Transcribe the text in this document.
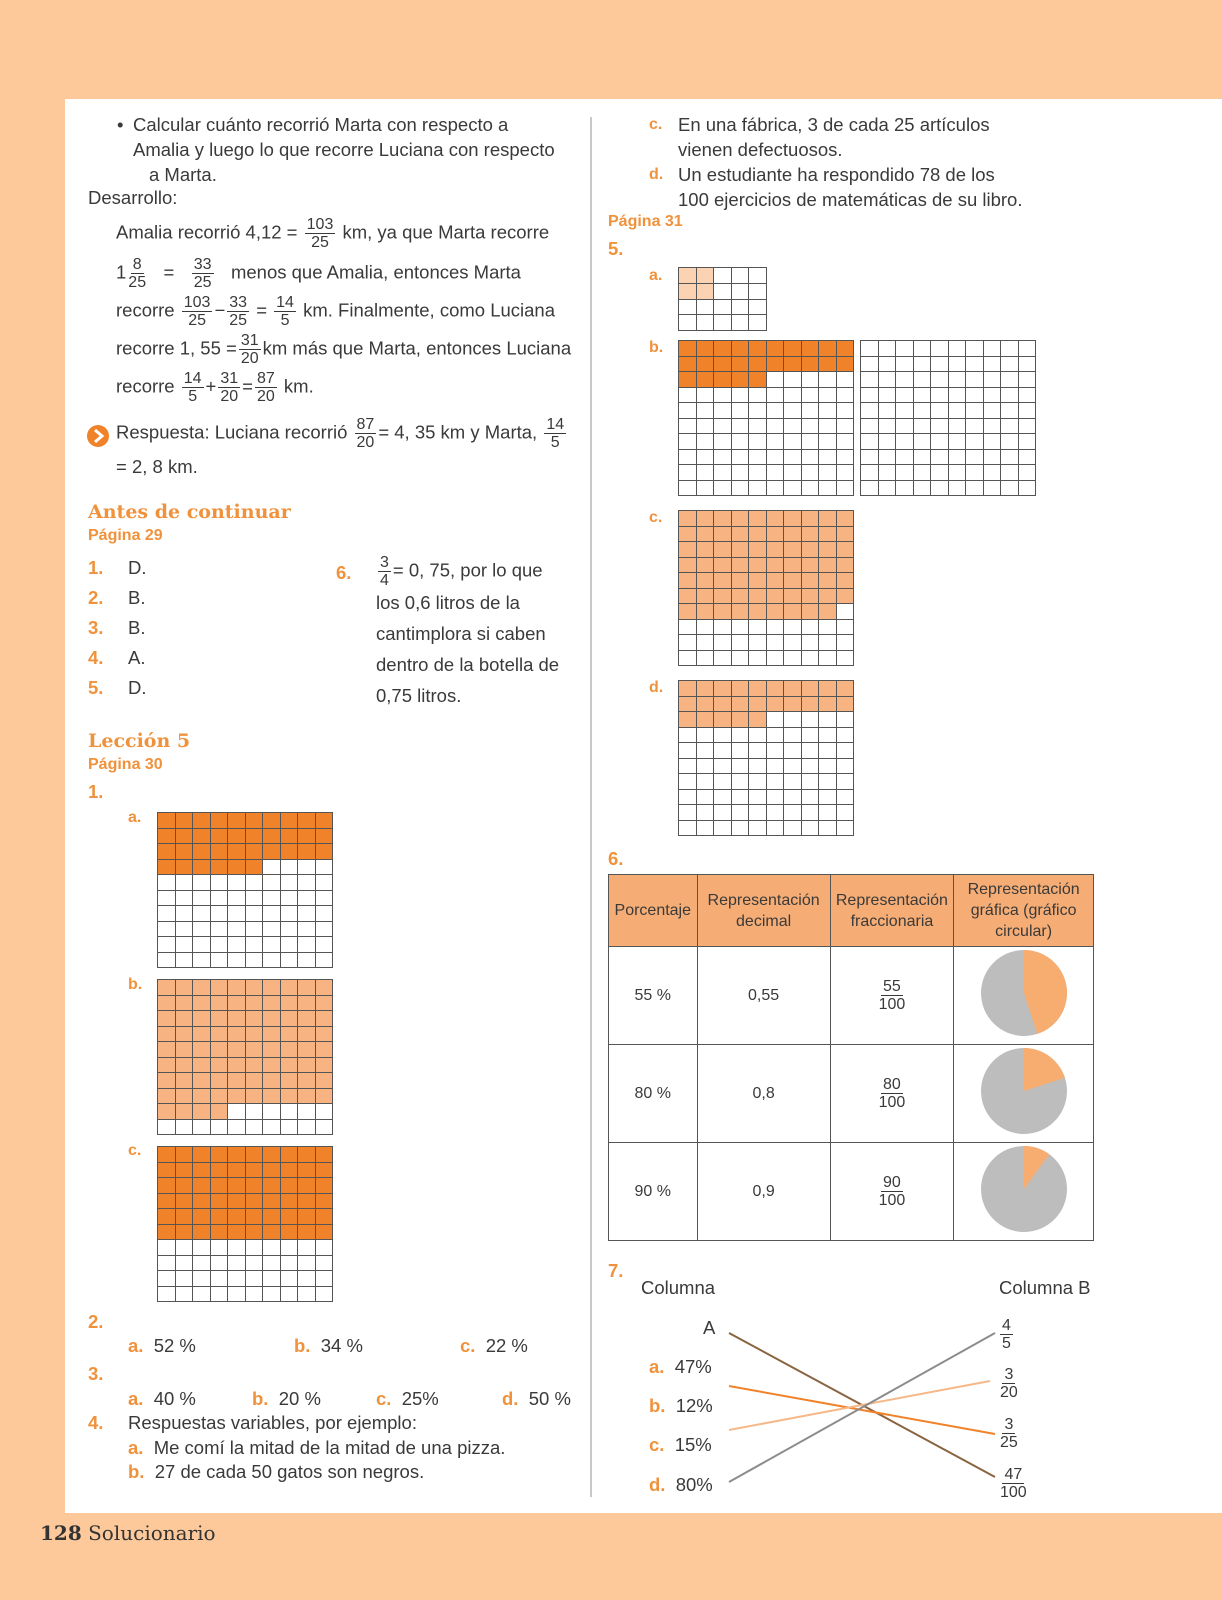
• Calcular cuánto recorrió Marta con respecto a
Amalia y luego lo que recorre Luciana con respecto
a Marta.
Desarrollo:
Amalia recorrió $4,12 = \frac{103}{25}$ km, ya que Marta recorre
$1 \frac{8}{25} = \frac{33}{25}$ menos que Amalia, entonces Marta
recorre $\frac{103}{25} - \frac{33}{25} = \frac{14}{5}$ km. Finalmente, como Luciana
recorre 1, $55 = \frac{31}{20}$ km más que Marta, entonces Luciana
recorre $\frac{14}{5} + \frac{31}{20} = \frac{87}{20}$ km.
Respuesta: Luciana recorrió $\frac{87}{20} = 4$, 35 km y Marta, $\frac{14}{5}$
= 2, 8 km.
Antes de continuar
Página 29
1. D.
2. B.
3. B.
4. A.
5. D.
6. $\frac{3}{4} = 0$, 75, por lo que
los 0,6 litros de la
cantimplora si caben
dentro de la botella de
0,75 litros.
Lección 5
Página 30
1.
a.
b.
c.
2.
a. 52 %	b. 34 %	c. 22 %
3.
a. 40 %	b. 20 %	c. 25%	d. 50 %
4. Respuestas variables, por ejemplo:
a. Me comí la mitad de la mitad de una pizza.
b. 27 de cada 50 gatos son negros.
c. En una fábrica, 3 de cada 25 artículos
vienen defectuosos.
d. Un estudiante ha respondido 78 de los
100 ejercicios de matemáticas de su libro.
Página 31
5.
a.
b.
c.
d.
6.
Porcentaje	Representación decimal	Representación fraccionaria	Representación gráfica (gráfico circular)
55 %	0,55	$\frac{55}{100}$

80 %	0,8	$\frac{80}{100}$

90 %	0,9	$\frac{90}{100}$

7.
Columna
A
Columna B
a. 47%
b. 12%
c. 15%
d. 80%
$\frac{4}{5}$
$\frac{3}{20}$
$\frac{3}{25}$
$\frac{47}{100}$
128 Solucionario
